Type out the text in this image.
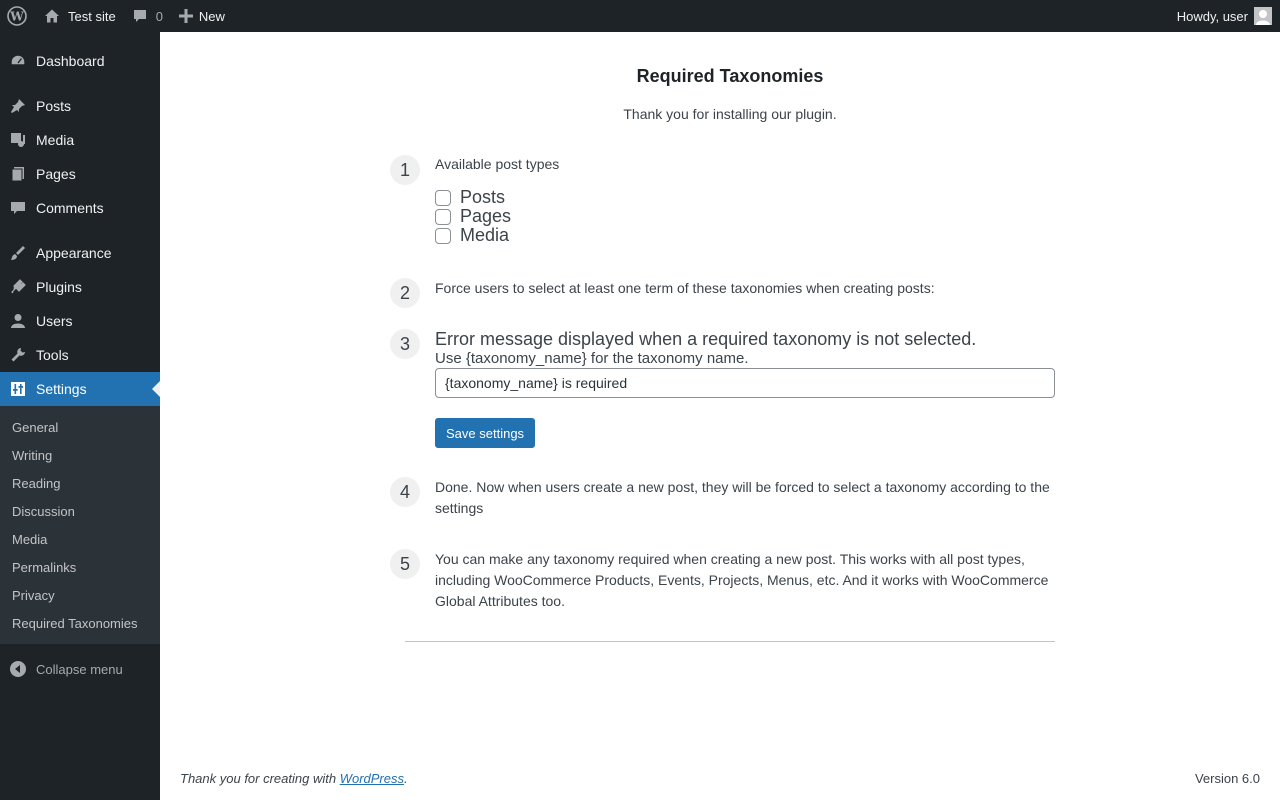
W	Test site	0	New	Howdy, user
Dashboard
Posts
Media
Pages
Comments
Appearance
Plugins
Users
Tools
Settings
General
Writing
Reading
Discussion
Media
Permalinks
Privacy
Required Taxonomies
Collapse menu
Required Taxonomies
Thank you for installing our plugin.
1	Available post types
Posts
Pages
Media
2	Force users to select at least one term of these taxonomies when creating posts:
3	Error message displayed when a required taxonomy is not selected.
Use {taxonomy_name} for the taxonomy name.
{taxonomy_name} is required
Save settings
4	Done. Now when users create a new post, they will be forced to select a taxonomy according to the settings
5	You can make any taxonomy required when creating a new post. This works with all post types, including WooCommerce Products, Events, Projects, Menus, etc. And it works with WooCommerce Global Attributes too.
Thank you for creating with WordPress.	Version 6.0
